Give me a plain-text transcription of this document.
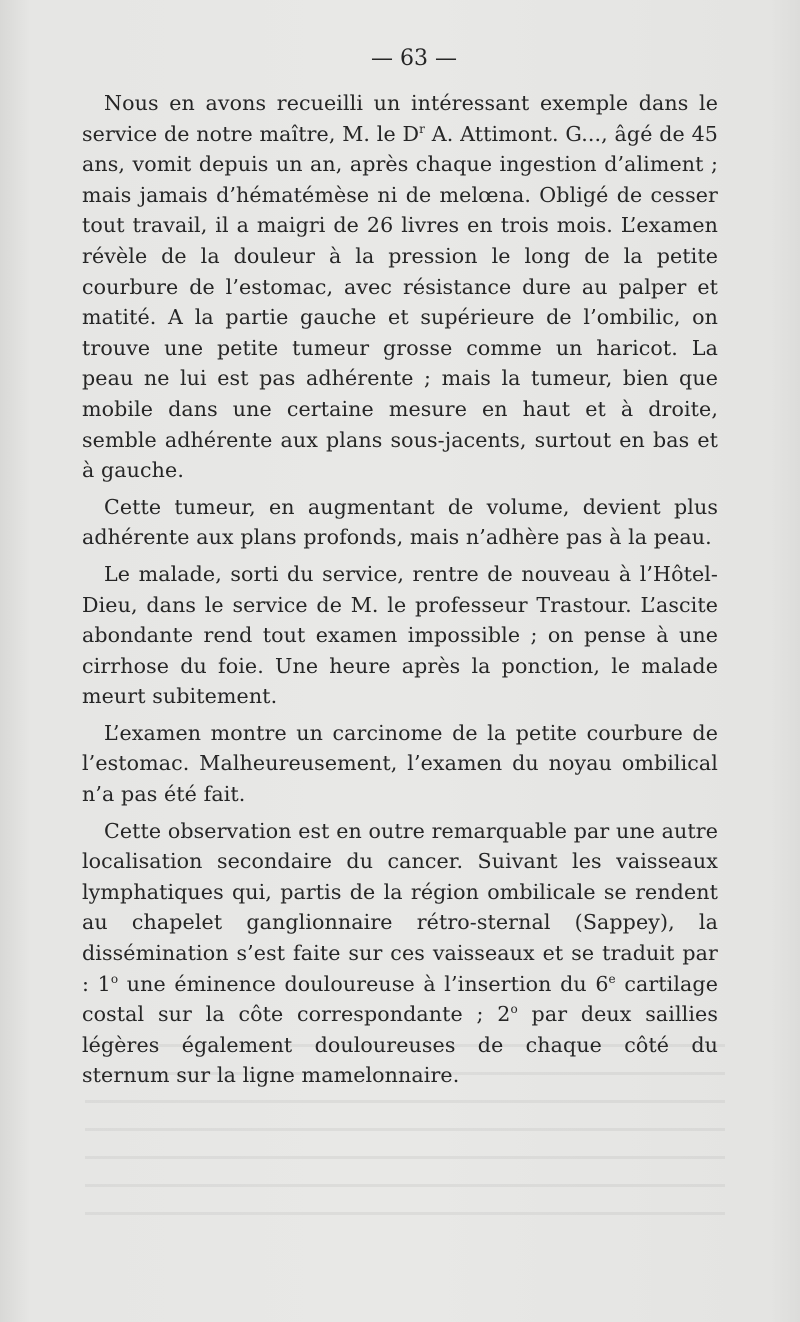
— 63 —

Nous en avons recueilli un intéressant exemple dans le service de notre maître, M. le $D^r$ A. Attimont. G..., âgé de 45 ans, vomit depuis un an, après chaque ingestion d’aliment ; mais jamais d’hématémèse ni de melœna. Obligé de cesser tout travail, il a maigri de 26 livres en trois mois. L’examen révèle de la douleur à la pression le long de la petite courbure de l’estomac, avec résistance dure au palper et matité. A la partie gauche et supérieure de l’ombilic, on trouve une petite tumeur grosse comme un haricot. La peau ne lui est pas adhérente ; mais la tumeur, bien que mobile dans une certaine mesure en haut et à droite, semble adhérente aux plans sous-jacents, surtout en bas et à gauche.

Cette tumeur, en augmentant de volume, devient plus adhérente aux plans profonds, mais n’adhère pas à la peau.

Le malade, sorti du service, rentre de nouveau à l’Hôtel-Dieu, dans le service de M. le professeur Trastour. L’ascite abondante rend tout examen impossible ; on pense à une cirrhose du foie. Une heure après la ponction, le malade meurt subitement.

L’examen montre un carcinome de la petite courbure de l’estomac. Malheureusement, l’examen du noyau ombilical n’a pas été fait.

Cette observation est en outre remarquable par une autre localisation secondaire du cancer. Suivant les vaisseaux lymphatiques qui, partis de la région ombilicale se rendent au chapelet ganglionnaire rétro-sternal (Sappey), la dissémination s’est faite sur ces vaisseaux et se traduit par : 1$^o$ une éminence douloureuse à l’insertion du 6e cartilage costal sur la côte correspondante ; 2$^o$ par deux saillies légères également douloureuses de chaque côté du sternum sur la ligne mamelonnaire.
